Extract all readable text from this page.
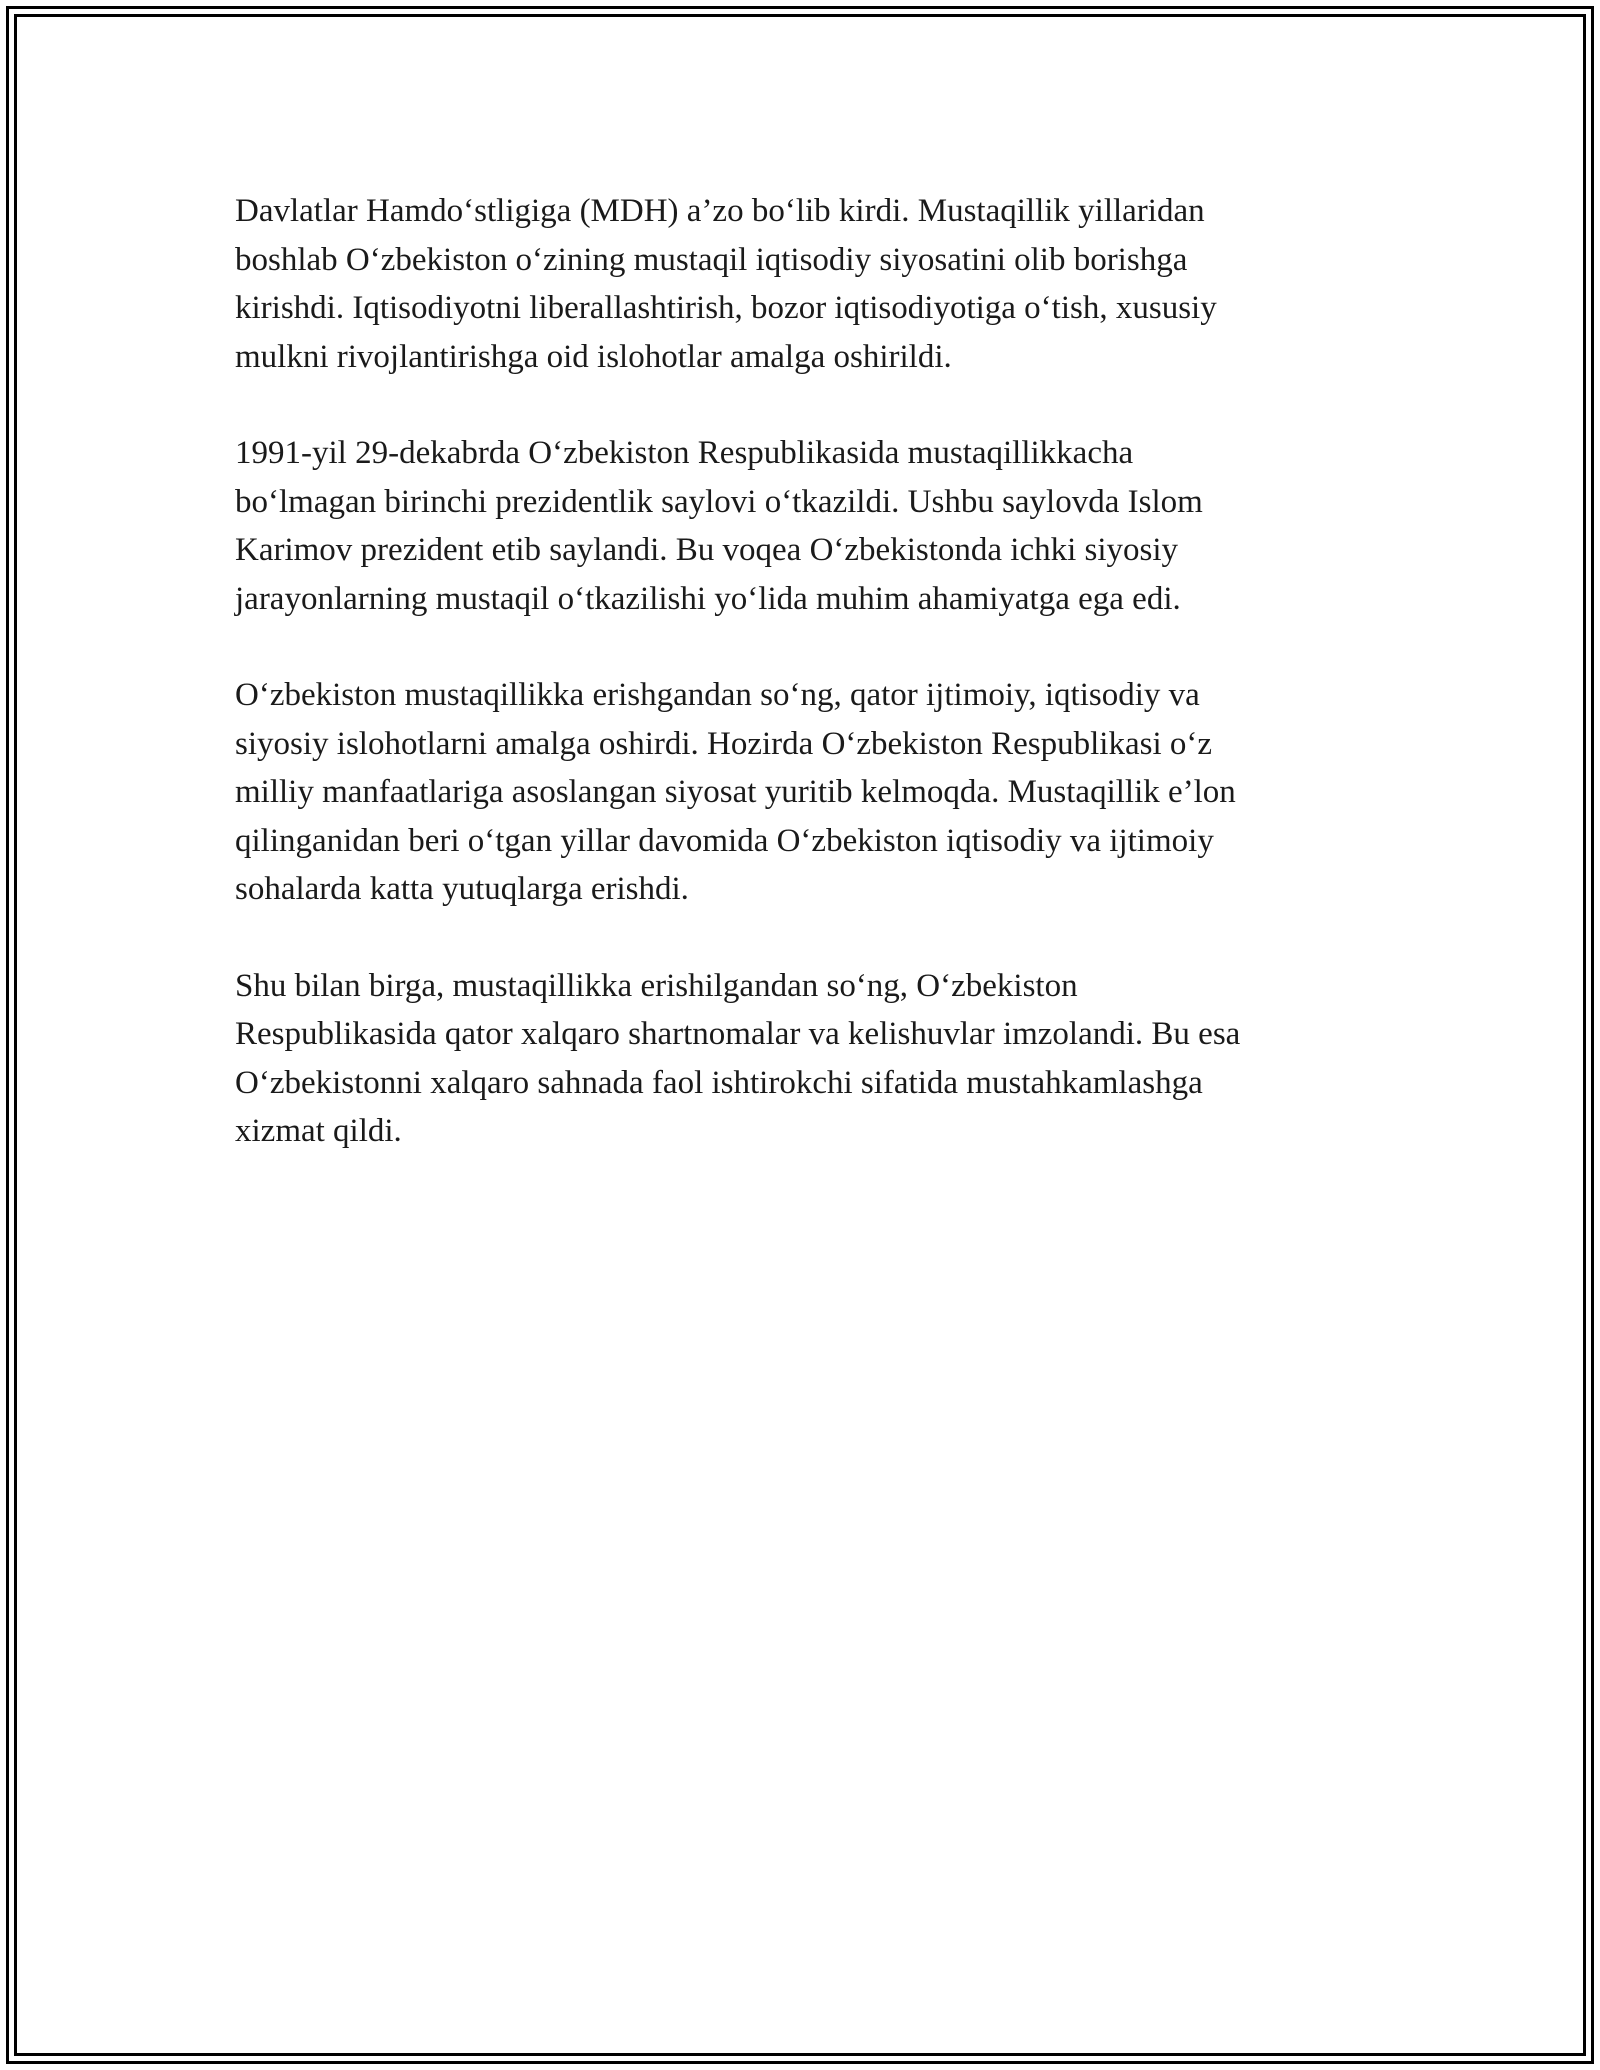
Davlatlar Hamdo‘stligiga (MDH) a’zo bo‘lib kirdi. Mustaqillik yillaridan
boshlab O‘zbekiston o‘zining mustaqil iqtisodiy siyosatini olib borishga
kirishdi. Iqtisodiyotni liberallashtirish, bozor iqtisodiyotiga o‘tish, xususiy
mulkni rivojlantirishga oid islohotlar amalga oshirildi.

1991-yil 29-dekabrda O‘zbekiston Respublikasida mustaqillikkacha
bo‘lmagan birinchi prezidentlik saylovi o‘tkazildi. Ushbu saylovda Islom
Karimov prezident etib saylandi. Bu voqea O‘zbekistonda ichki siyosiy
jarayonlarning mustaqil o‘tkazilishi yo‘lida muhim ahamiyatga ega edi.

O‘zbekiston mustaqillikka erishgandan so‘ng, qator ijtimoiy, iqtisodiy va
siyosiy islohotlarni amalga oshirdi. Hozirda O‘zbekiston Respublikasi o‘z
milliy manfaatlariga asoslangan siyosat yuritib kelmoqda. Mustaqillik e’lon
qilinganidan beri o‘tgan yillar davomida O‘zbekiston iqtisodiy va ijtimoiy
sohalarda katta yutuqlarga erishdi.

Shu bilan birga, mustaqillikka erishilgandan so‘ng, O‘zbekiston
Respublikasida qator xalqaro shartnomalar va kelishuvlar imzolandi. Bu esa
O‘zbekistonni xalqaro sahnada faol ishtirokchi sifatida mustahkamlashga
xizmat qildi.
